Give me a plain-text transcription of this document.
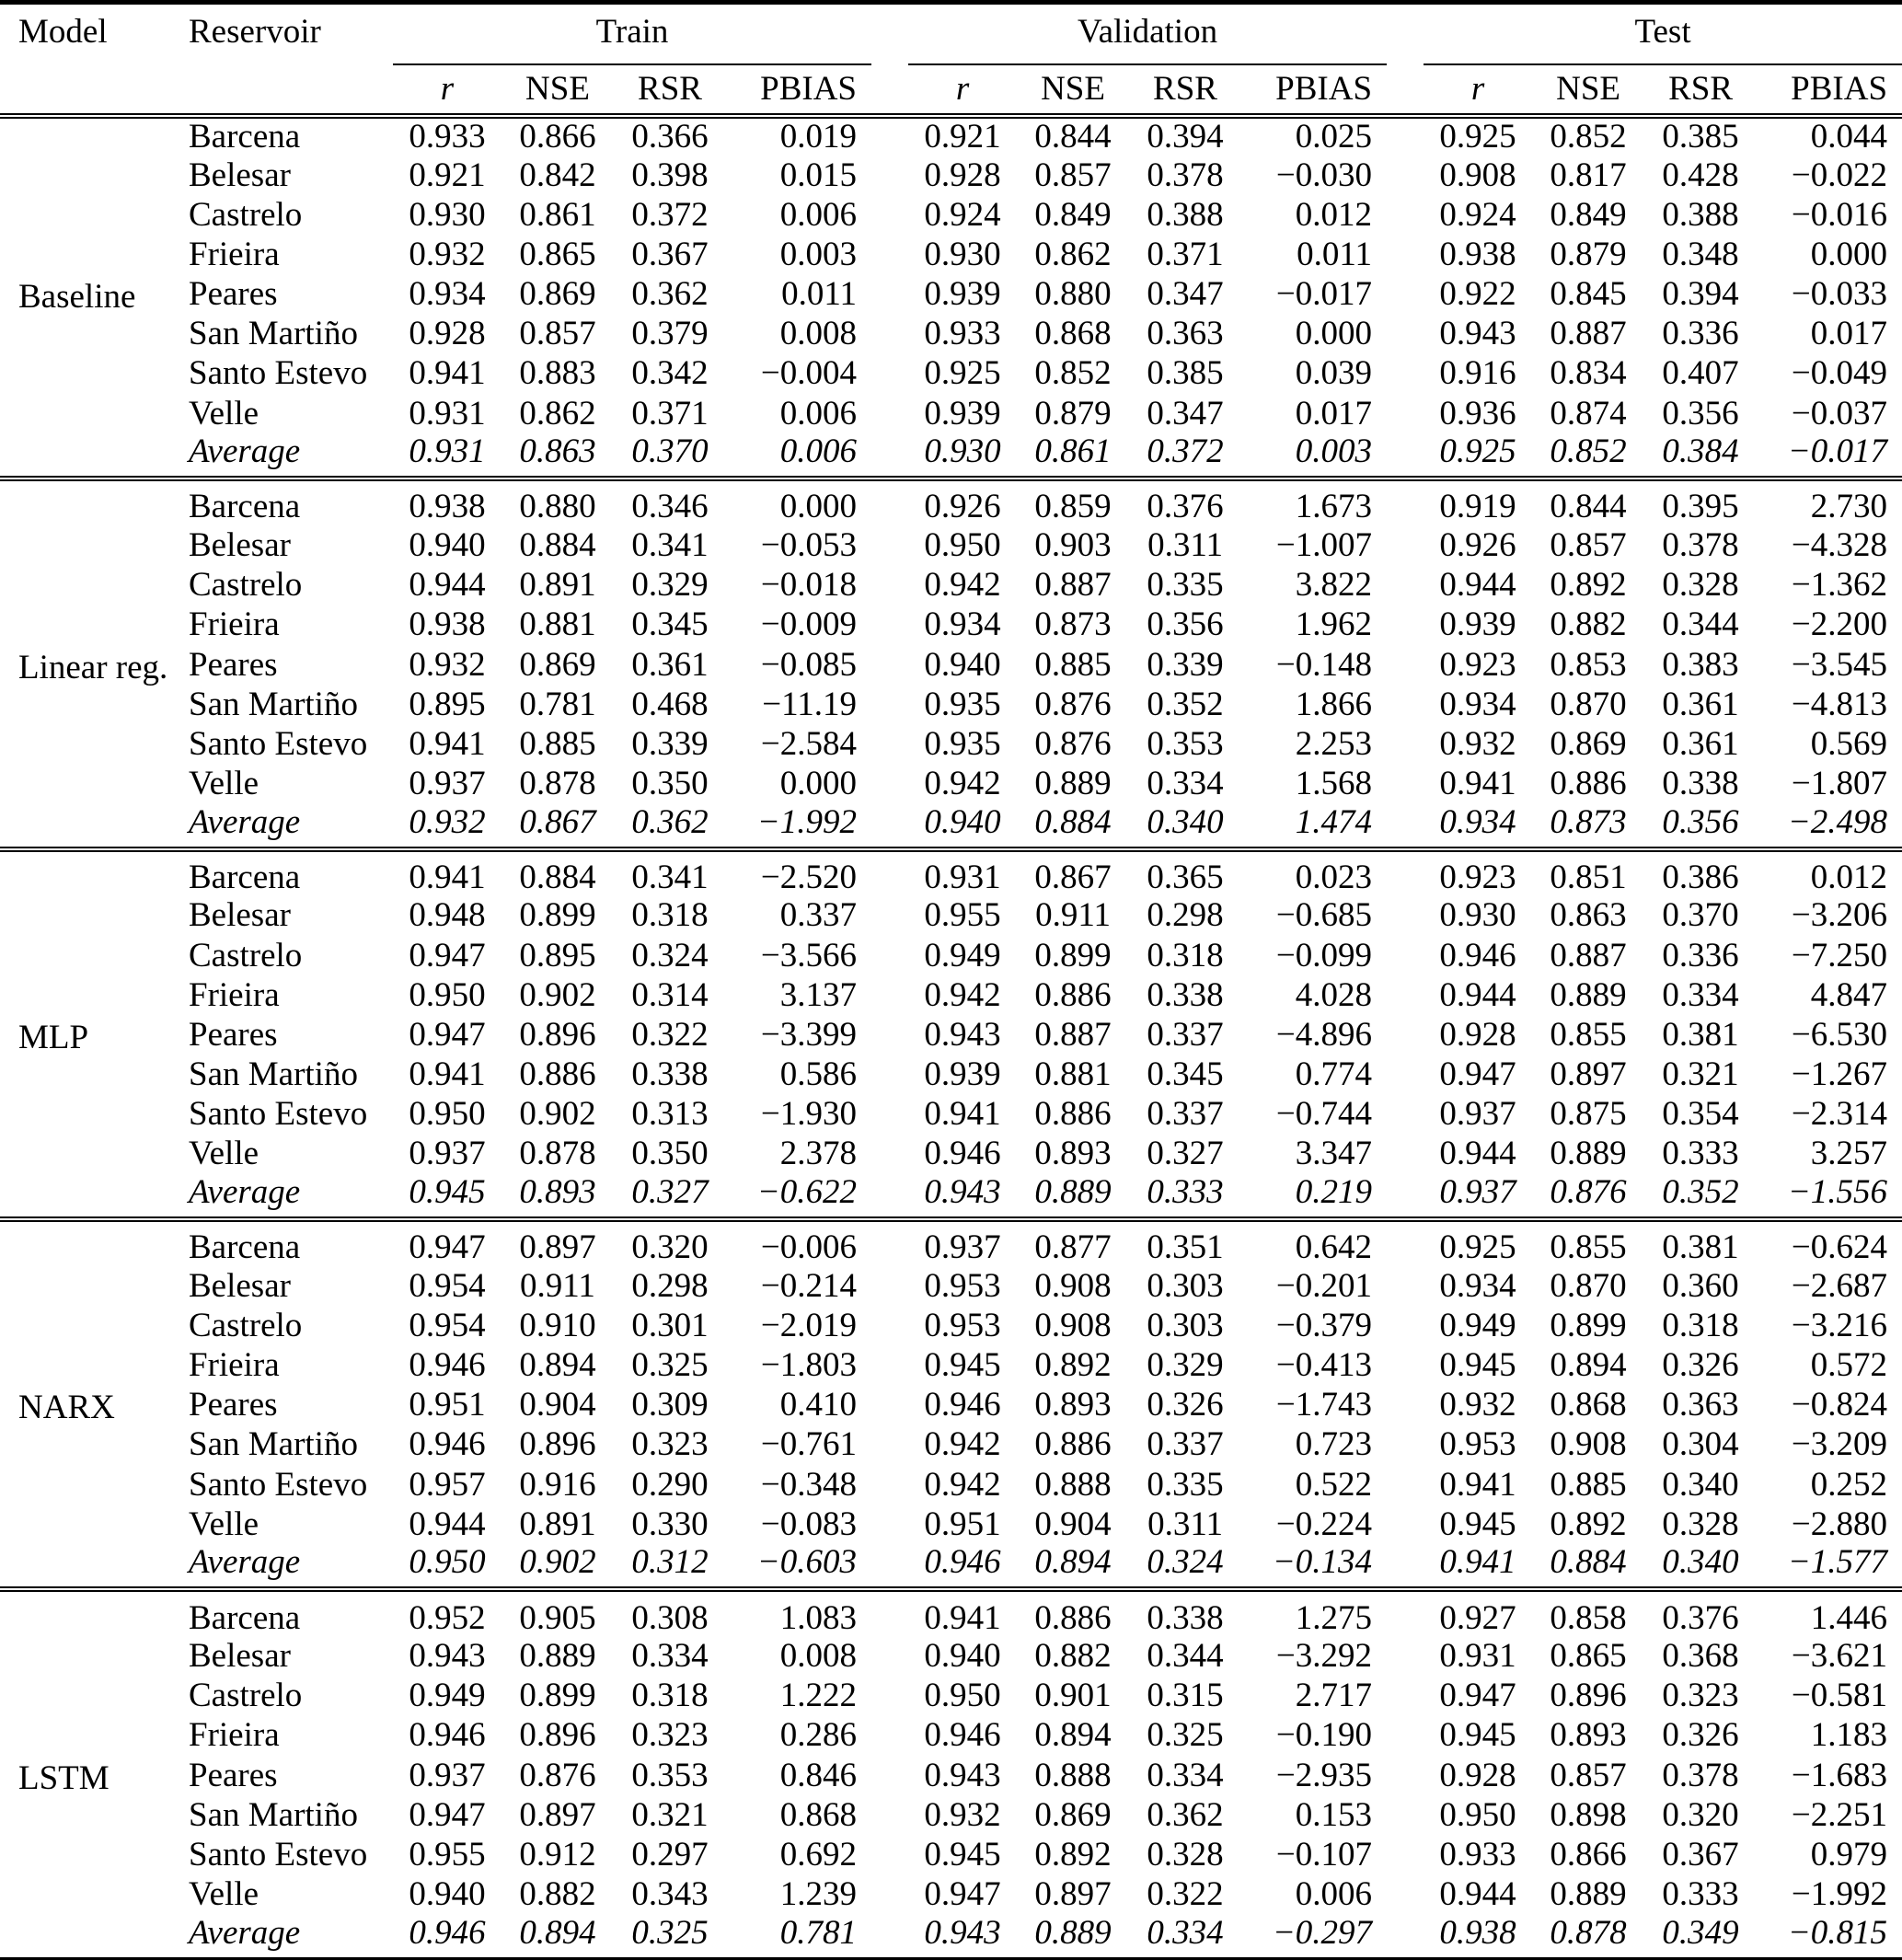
Model	Reservoir	Train					Validation					Test			
		r	NSE	RSR	PBIAS		r	NSE	RSR	PBIAS		r	NSE	RSR	PBIAS
Baseline	Barcena	0.933	0.866	0.366	0.019		0.921	0.844	0.394	0.025		0.925	0.852	0.385	0.044
	Belesar	0.921	0.842	0.398	0.015		0.928	0.857	0.378	−0.030		0.908	0.817	0.428	−0.022
	Castrelo	0.930	0.861	0.372	0.006		0.924	0.849	0.388	0.012		0.924	0.849	0.388	−0.016
	Frieira	0.932	0.865	0.367	0.003		0.930	0.862	0.371	0.011		0.938	0.879	0.348	0.000
	Peares	0.934	0.869	0.362	0.011		0.939	0.880	0.347	−0.017		0.922	0.845	0.394	−0.033
	San Martiño	0.928	0.857	0.379	0.008		0.933	0.868	0.363	0.000		0.943	0.887	0.336	0.017
	Santo Estevo	0.941	0.883	0.342	−0.004		0.925	0.852	0.385	0.039		0.916	0.834	0.407	−0.049
	Velle	0.931	0.862	0.371	0.006		0.939	0.879	0.347	0.017		0.936	0.874	0.356	−0.037
	Average	0.931	0.863	0.370	0.006		0.930	0.861	0.372	0.003		0.925	0.852	0.384	−0.017
Linear reg.	Barcena	0.938	0.880	0.346	0.000		0.926	0.859	0.376	1.673		0.919	0.844	0.395	2.730
	Belesar	0.940	0.884	0.341	−0.053		0.950	0.903	0.311	−1.007		0.926	0.857	0.378	−4.328
	Castrelo	0.944	0.891	0.329	−0.018		0.942	0.887	0.335	3.822		0.944	0.892	0.328	−1.362
	Frieira	0.938	0.881	0.345	−0.009		0.934	0.873	0.356	1.962		0.939	0.882	0.344	−2.200
	Peares	0.932	0.869	0.361	−0.085		0.940	0.885	0.339	−0.148		0.923	0.853	0.383	−3.545
	San Martiño	0.895	0.781	0.468	−11.19		0.935	0.876	0.352	1.866		0.934	0.870	0.361	−4.813
	Santo Estevo	0.941	0.885	0.339	−2.584		0.935	0.876	0.353	2.253		0.932	0.869	0.361	0.569
	Velle	0.937	0.878	0.350	0.000		0.942	0.889	0.334	1.568		0.941	0.886	0.338	−1.807
	Average	0.932	0.867	0.362	−1.992		0.940	0.884	0.340	1.474		0.934	0.873	0.356	−2.498
MLP	Barcena	0.941	0.884	0.341	−2.520		0.931	0.867	0.365	0.023		0.923	0.851	0.386	0.012
	Belesar	0.948	0.899	0.318	0.337		0.955	0.911	0.298	−0.685		0.930	0.863	0.370	−3.206
	Castrelo	0.947	0.895	0.324	−3.566		0.949	0.899	0.318	−0.099		0.946	0.887	0.336	−7.250
	Frieira	0.950	0.902	0.314	3.137		0.942	0.886	0.338	4.028		0.944	0.889	0.334	4.847
	Peares	0.947	0.896	0.322	−3.399		0.943	0.887	0.337	−4.896		0.928	0.855	0.381	−6.530
	San Martiño	0.941	0.886	0.338	0.586		0.939	0.881	0.345	0.774		0.947	0.897	0.321	−1.267
	Santo Estevo	0.950	0.902	0.313	−1.930		0.941	0.886	0.337	−0.744		0.937	0.875	0.354	−2.314
	Velle	0.937	0.878	0.350	2.378		0.946	0.893	0.327	3.347		0.944	0.889	0.333	3.257
	Average	0.945	0.893	0.327	−0.622		0.943	0.889	0.333	0.219		0.937	0.876	0.352	−1.556
NARX	Barcena	0.947	0.897	0.320	−0.006		0.937	0.877	0.351	0.642		0.925	0.855	0.381	−0.624
	Belesar	0.954	0.911	0.298	−0.214		0.953	0.908	0.303	−0.201		0.934	0.870	0.360	−2.687
	Castrelo	0.954	0.910	0.301	−2.019		0.953	0.908	0.303	−0.379		0.949	0.899	0.318	−3.216
	Frieira	0.946	0.894	0.325	−1.803		0.945	0.892	0.329	−0.413		0.945	0.894	0.326	0.572
	Peares	0.951	0.904	0.309	0.410		0.946	0.893	0.326	−1.743		0.932	0.868	0.363	−0.824
	San Martiño	0.946	0.896	0.323	−0.761		0.942	0.886	0.337	0.723		0.953	0.908	0.304	−3.209
	Santo Estevo	0.957	0.916	0.290	−0.348		0.942	0.888	0.335	0.522		0.941	0.885	0.340	0.252
	Velle	0.944	0.891	0.330	−0.083		0.951	0.904	0.311	−0.224		0.945	0.892	0.328	−2.880
	Average	0.950	0.902	0.312	−0.603		0.946	0.894	0.324	−0.134		0.941	0.884	0.340	−1.577
LSTM	Barcena	0.952	0.905	0.308	1.083		0.941	0.886	0.338	1.275		0.927	0.858	0.376	1.446
	Belesar	0.943	0.889	0.334	0.008		0.940	0.882	0.344	−3.292		0.931	0.865	0.368	−3.621
	Castrelo	0.949	0.899	0.318	1.222		0.950	0.901	0.315	2.717		0.947	0.896	0.323	−0.581
	Frieira	0.946	0.896	0.323	0.286		0.946	0.894	0.325	−0.190		0.945	0.893	0.326	1.183
	Peares	0.937	0.876	0.353	0.846		0.943	0.888	0.334	−2.935		0.928	0.857	0.378	−1.683
	San Martiño	0.947	0.897	0.321	0.868		0.932	0.869	0.362	0.153		0.950	0.898	0.320	−2.251
	Santo Estevo	0.955	0.912	0.297	0.692		0.945	0.892	0.328	−0.107		0.933	0.866	0.367	0.979
	Velle	0.940	0.882	0.343	1.239		0.947	0.897	0.322	0.006		0.944	0.889	0.333	−1.992
	Average	0.946	0.894	0.325	0.781		0.943	0.889	0.334	−0.297		0.938	0.878	0.349	−0.815
